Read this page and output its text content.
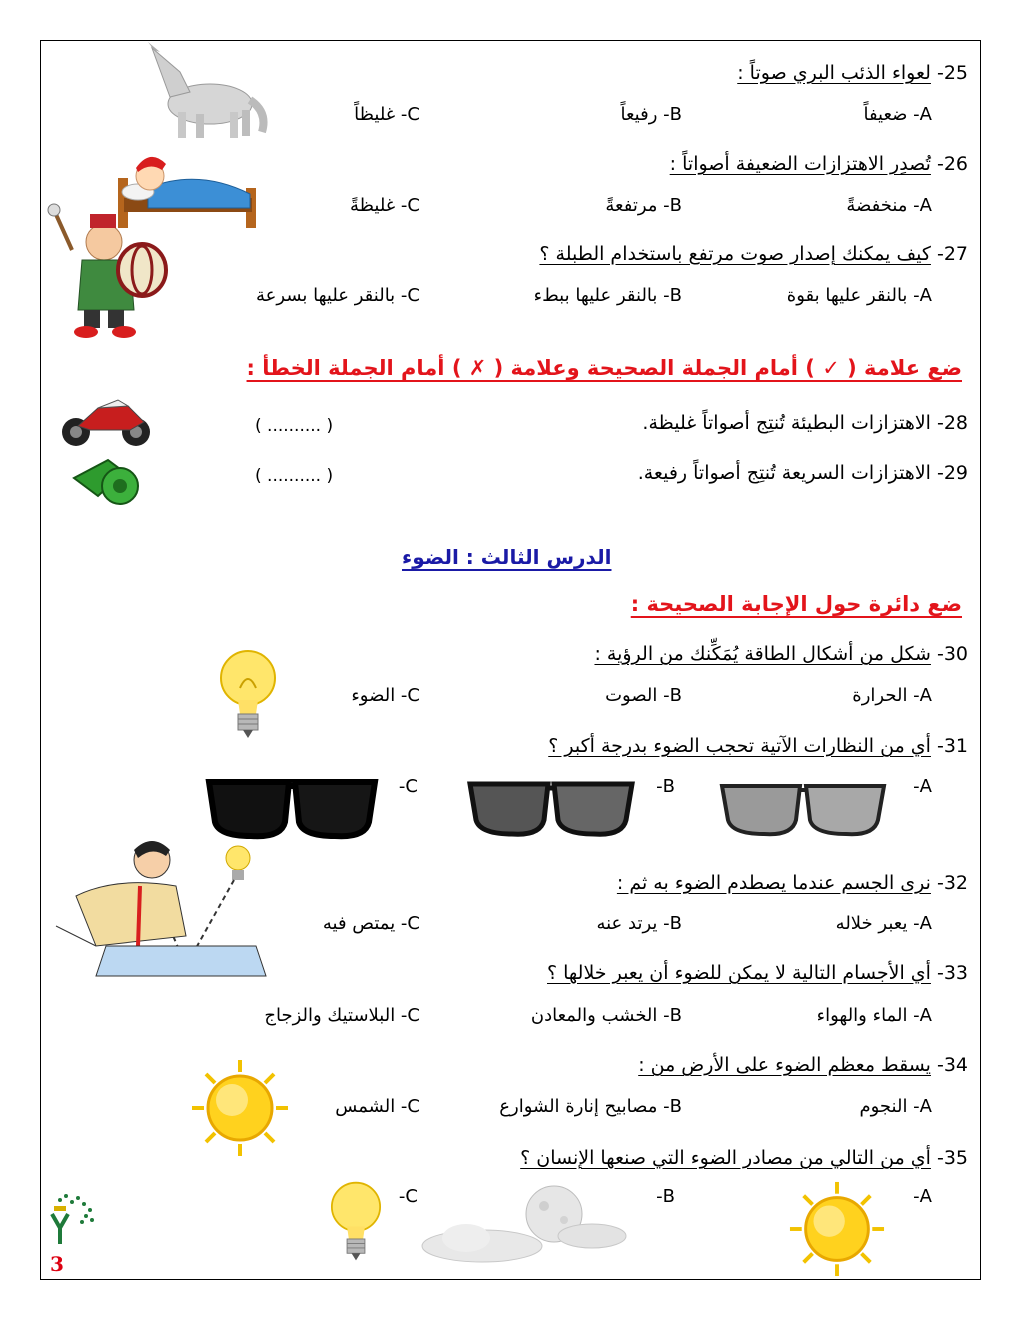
25-لعواء الذئب البري صوتاً :
A- ضعيفاً
B- رفيعاً
C- غليظاً
26-تُصدِر الاهتزازات الضعيفة أصواتاً :
A- منخفضةً
B- مرتفعةً
C- غليظةً
27-كيف يمكنك إصدار صوت مرتفع باستخدام الطبلة ؟
A- بالنقر عليها بقوة
B- بالنقر عليها ببطء
C- بالنقر عليها بسرعة
ضع علامة ( ✓ ) أمام الجملة الصحيحة وعلامة ( ✗ ) أمام الجملة الخطأ :
28-الاهتزازات البطيئة تُنتِج أصواتاً غليظة.
( .......... )
29-الاهتزازات السريعة تُنتِج أصواتاً رفيعة.
( .......... )
الدرس الثالث : الضوء
ضع دائرة حول الإجابة الصحيحة :
30-شكل من أشكال الطاقة يُمَكِّنك من الرؤية :
A- الحرارة
B- الصوت
C- الضوء
31-أي من النظارات الآتية تحجب الضوء بدرجة أكبر ؟
A-
B-
C-
32-نرى الجسم عندما يصطدم الضوء به ثم :
A- يعبر خلاله
B- يرتد عنه
C- يمتص فيه
33-أي الأجسام التالية لا يمكن للضوء أن يعبر خلالها ؟
A- الماء والهواء
B- الخشب والمعادن
C- البلاستيك والزجاج
34-يسقط معظم الضوء على الأرض من :
A- النجوم
B- مصابيح إنارة الشوارع
C- الشمس
35-أي من التالي من مصادر الضوء التي صنعها الإنسان ؟
A-
B-
C-
3
